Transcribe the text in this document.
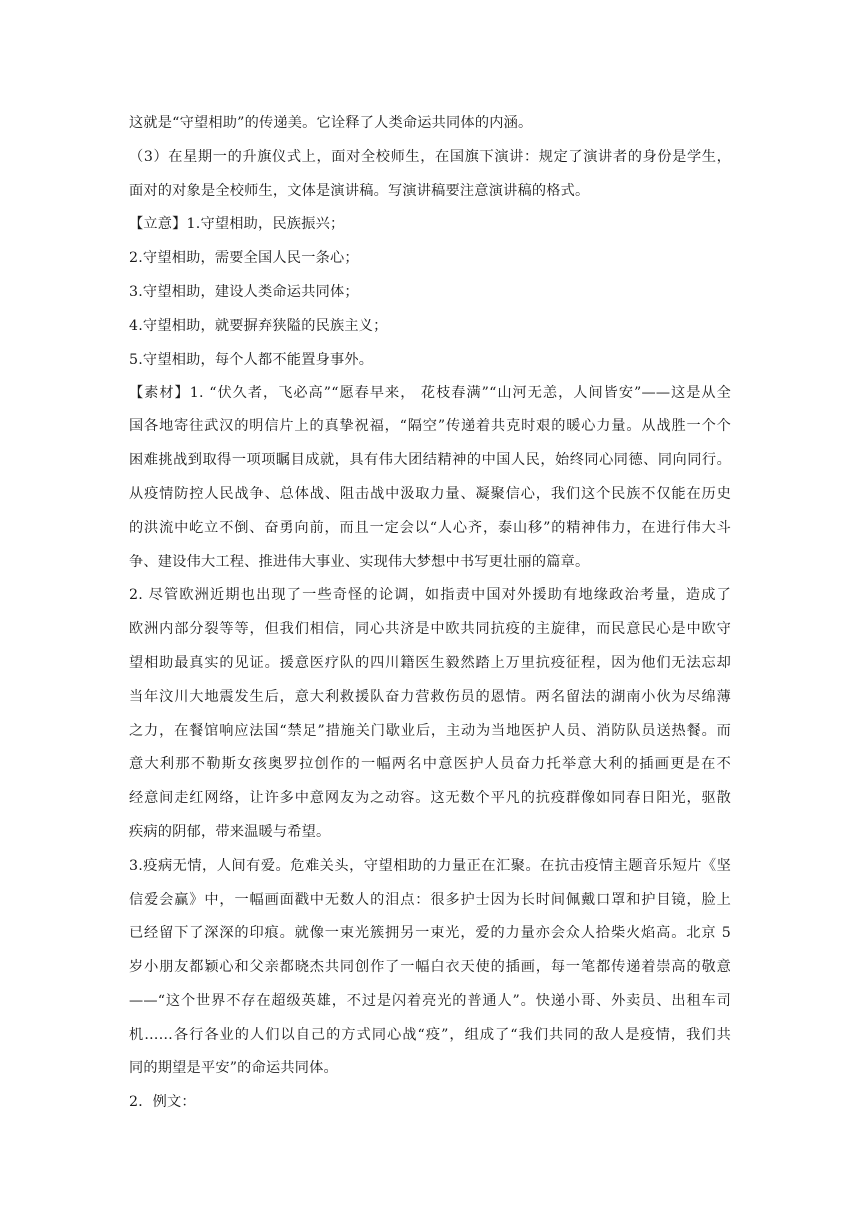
这就是“守望相助”的传递美。它诠释了人类命运共同体的内涵。
（3）在星期一的升旗仪式上，面对全校师生，在国旗下演讲：规定了演讲者的身份是学生，
面对的对象是全校师生，文体是演讲稿。写演讲稿要注意演讲稿的格式。
【立意】1.守望相助，民族振兴；
2.守望相助，需要全国人民一条心；
3.守望相助，建设人类命运共同体；
4.守望相助，就要摒弃狭隘的民族主义；
5.守望相助，每个人都不能置身事外。
【素材】1. “伏久者，飞必高”“愿春早来， 花枝春满”“山河无恙，人间皆安”——这是从全
国各地寄往武汉的明信片上的真挚祝福，“隔空”传递着共克时艰的暖心力量。从战胜一个个
困难挑战到取得一项项瞩目成就，具有伟大团结精神的中国人民，始终同心同德、同向同行。
从疫情防控人民战争、总体战、阻击战中汲取力量、凝聚信心，我们这个民族不仅能在历史
的洪流中屹立不倒、奋勇向前，而且一定会以“人心齐，泰山移”的精神伟力，在进行伟大斗
争、建设伟大工程、推进伟大事业、实现伟大梦想中书写更壮丽的篇章。
2. 尽管欧洲近期也出现了一些奇怪的论调，如指责中国对外援助有地缘政治考量，造成了
欧洲内部分裂等等，但我们相信，同心共济是中欧共同抗疫的主旋律，而民意民心是中欧守
望相助最真实的见证。援意医疗队的四川籍医生毅然踏上万里抗疫征程，因为他们无法忘却
当年汶川大地震发生后，意大利救援队奋力营救伤员的恩情。两名留法的湖南小伙为尽绵薄
之力，在餐馆响应法国“禁足”措施关门歇业后，主动为当地医护人员、消防队员送热餐。而
意大利那不勒斯女孩奥罗拉创作的一幅两名中意医护人员奋力托举意大利的插画更是在不
经意间走红网络，让许多中意网友为之动容。这无数个平凡的抗疫群像如同春日阳光，驱散
疾病的阴郁，带来温暖与希望。
3.疫病无情，人间有爱。危难关头，守望相助的力量正在汇聚。在抗击疫情主题音乐短片《坚
信爱会赢》中，一幅画面戳中无数人的泪点：很多护士因为长时间佩戴口罩和护目镜，脸上
已经留下了深深的印痕。就像一束光簇拥另一束光，爱的力量亦会众人拾柴火焰高。北京 5
岁小朋友都颖心和父亲都晓杰共同创作了一幅白衣天使的插画，每一笔都传递着崇高的敬意
——“这个世界不存在超级英雄，不过是闪着亮光的普通人”。快递小哥、外卖员、出租车司
机……各行各业的人们以自己的方式同心战“疫”，组成了“我们共同的敌人是疫情，我们共
同的期望是平安”的命运共同体。
2．例文：
